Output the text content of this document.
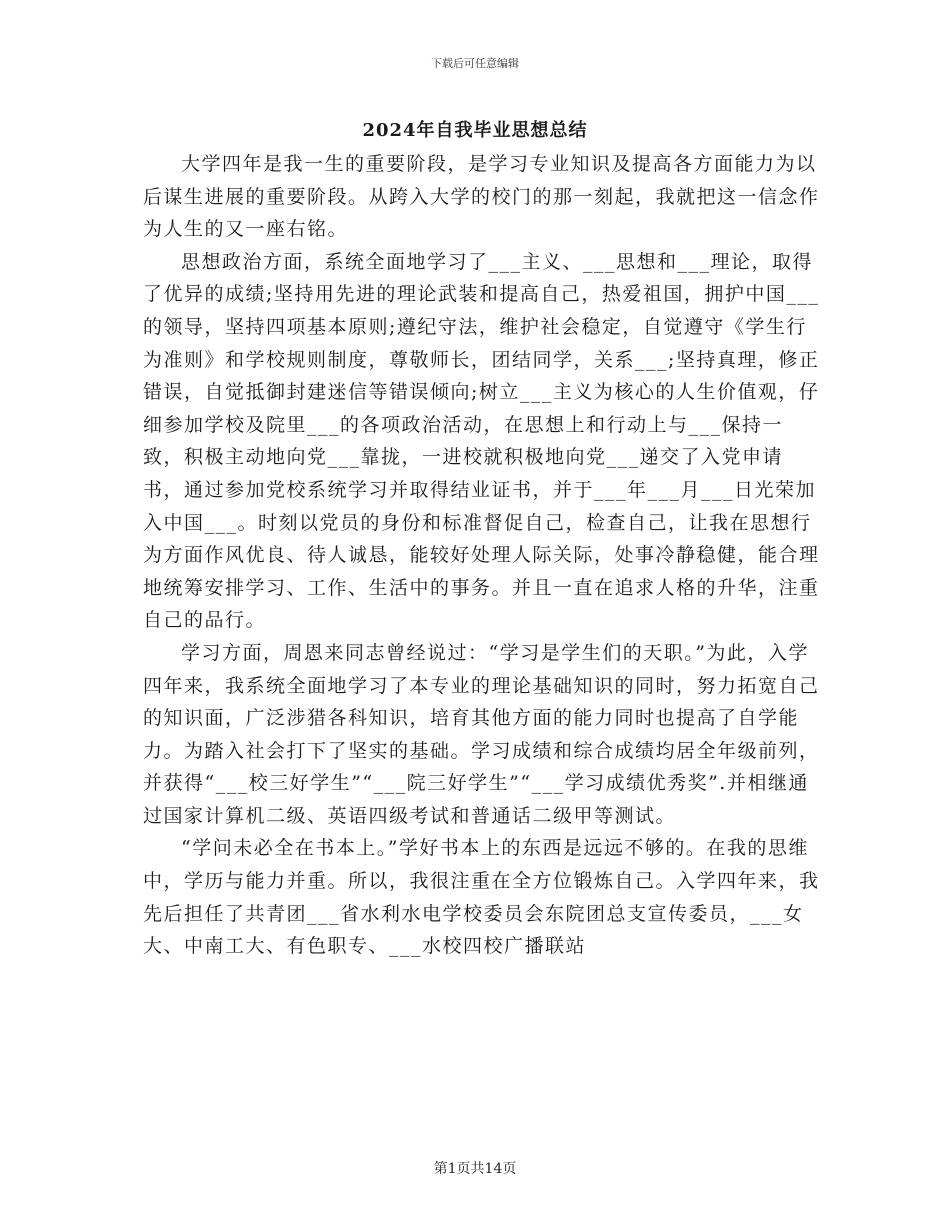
下载后可任意编辑
2024年自我毕业思想总结

大学四年是我一生的重要阶段，是学习专业知识及提高各方面能力为以后谋生进展的重要阶段。从跨入大学的校门的那一刻起，我就把这一信念作为人生的又一座右铭。

思想政治方面，系统全面地学习了___主义、___思想和___理论，取得了优异的成绩;坚持用先进的理论武装和提高自己，热爱祖国，拥护中国___的领导，坚持四项基本原则;遵纪守法，维护社会稳定，自觉遵守《学生行为准则》和学校规则制度，尊敬师长，团结同学，关系___;坚持真理，修正错误，自觉抵御封建迷信等错误倾向;树立___主义为核心的人生价值观，仔细参加学校及院里___的各项政治活动，在思想上和行动上与___保持一致，积极主动地向党___靠拢，一进校就积极地向党___递交了入党申请书，通过参加党校系统学习并取得结业证书，并于___年___月___日光荣加入中国___。时刻以党员的身份和标准督促自己，检查自己，让我在思想行为方面作风优良、待人诚恳，能较好处理人际关际，处事冷静稳健，能合理地统筹安排学习、工作、生活中的事务。并且一直在追求人格的升华，注重自己的品行。

学习方面，周恩来同志曾经说过：“学习是学生们的天职。”为此，入学四年来，我系统全面地学习了本专业的理论基础知识的同时，努力拓宽自己的知识面，广泛涉猎各科知识，培育其他方面的能力同时也提高了自学能力。为踏入社会打下了坚实的基础。学习成绩和综合成绩均居全年级前列，并获得“___校三好学生”“___院三好学生”“___学习成绩优秀奖”.并相继通过国家计算机二级、英语四级考试和普通话二级甲等测试。

“学问未必全在书本上。”学好书本上的东西是远远不够的。在我的思维中，学历与能力并重。所以，我很注重在全方位锻炼自己。入学四年来，我先后担任了共青团___省水利水电学校委员会东院团总支宣传委员，___女大、中南工大、有色职专、___水校四校广播联站

第1页共14页
